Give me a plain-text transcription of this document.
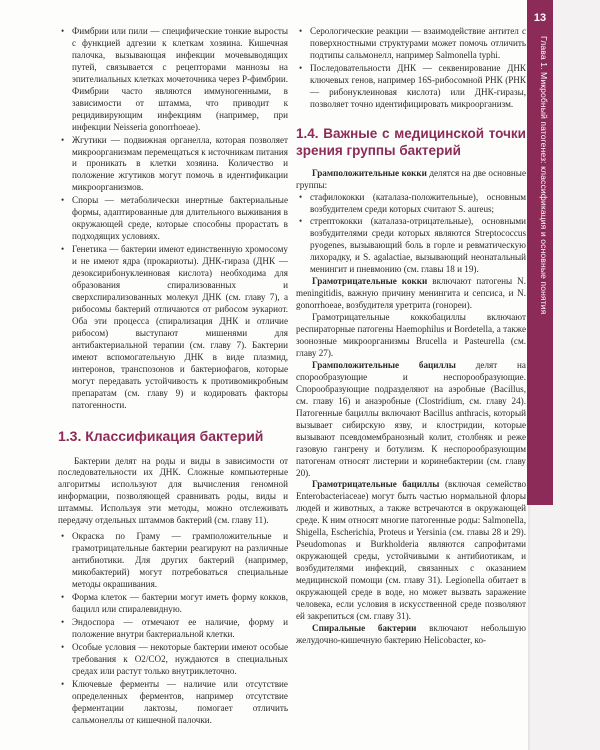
13
Глава 1. Микробный патогенез: классификация и основные понятия

• Фимбрии или пили — специфические тонкие выросты с функцией адгезии к клеткам хозяина. Кишечная палочка, вызывающая инфекции мочевыводящих путей, связывается с рецепторами маннозы на эпителиальных клетках мочеточника через P-фимбрии. Фимбрии часто являются иммуногенными, в зависимости от штамма, что приводит к рецидивирующим инфекциям (например, при инфекции Neisseria gonorrhoeae).

• Жгутики — подвижная органелла, которая позволяет микроорганизмам перемещаться к источникам питания и проникать в клетки хозяина. Количество и положение жгутиков могут помочь в идентификации микроорганизмов.

• Споры — метаболически инертные бактериальные формы, адаптированные для длительного выживания в окружающей среде, которые способны прорастать в подходящих условиях.

• Генетика — бактерии имеют единственную хромосому и не имеют ядра (прокариоты). ДНК-гираза (ДНК — дезоксирибонуклеиновая кислота) необходима для образования спирализованных и сверхспирализованных молекул ДНК (см. главу 7), а рибосомы бактерий отличаются от рибосом эукариот. Оба эти процесса (спирализация ДНК и отличие рибосом) выступают мишенями для антибактериальной терапии (см. главу 7). Бактерии имеют вспомогательную ДНК в виде плазмид, интеронов, транспозонов и бактериофагов, которые могут передавать устойчивость к противомикробным препаратам (см. главу 9) и кодировать факторы патогенности.

1.3. Классификация бактерий

Бактерии делят на роды и виды в зависимости от последовательности их ДНК. Сложные компьютерные алгоритмы используют для вычисления геномной информации, позволяющей сравнивать роды, виды и штаммы. Используя эти методы, можно отслеживать передачу отдельных штаммов бактерий (см. главу 11).

• Окраска по Граму — грамположительные и грамотрицательные бактерии реагируют на различные антибиотики. Для других бактерий (например, микобактерий) могут потребоваться специальные методы окрашивания.

• Форма клеток — бактерии могут иметь форму кокков, бацилл или спиралевидную.

• Эндоспора — отмечают ее наличие, форму и положение внутри бактериальной клетки.

• Особые условия — некоторые бактерии имеют особые требования к O2/CO2, нуждаются в специальных средах или растут только внутриклеточно.

• Ключевые ферменты — наличие или отсутствие определенных ферментов, например отсутствие ферментации лактозы, помогает отличить сальмонеллы от кишечной палочки.

• Серологические реакции — взаимодействие антител с поверхностными структурами может помочь отличить подтипы сальмонелл, например Salmonella typhi.

• Последовательности ДНК — секвенирование ДНК ключевых генов, например 16S-рибосомной РНК (РНК — рибонуклеиновая кислота) или ДНК-гиразы, позволяет точно идентифицировать микроорганизм.

1.4. Важные с медицинской точки зрения группы бактерий

Грамположительные кокки делятся на две основные группы:

• стафилококки (каталаза-положительные), основным возбудителем среди которых считают S. aureus;

• стрептококки (каталаза-отрицательные), основными возбудителями среди которых являются Streptococcus pyogenes, вызывающий боль в горле и ревматическую лихорадку, и S. agalactiae, вызывающий неонатальный менингит и пневмонию (см. главы 18 и 19).

Грамотрицательные кокки включают патогены N. meningitidis, важную причину менингита и сепсиса, и N. gonorrhoeae, возбудителя уретрита (гонореи).

Грамотрицательные коккобациллы включают респираторные патогены Haemophilus и Bordetella, а также зоонозные микроорганизмы Brucella и Pasteurella (см. главу 27).

Грамположительные бациллы делят на спорообразующие и неспорообразующие. Спорообразующие подразделяют на аэробные (Bacillus, см. главу 16) и анаэробные (Clostridium, см. главу 24). Патогенные бациллы включают Bacillus anthracis, который вызывает сибирскую язву, и клостридии, которые вызывают псевдомембранозный колит, столбняк и реже газовую гангрену и ботулизм. К неспорообразующим патогенам относят листерии и коринебактерии (см. главу 20).

Грамотрицательные бациллы (включая семейство Enterobacteriaceae) могут быть частью нормальной флоры людей и животных, а также встречаются в окружающей среде. К ним относят многие патогенные роды: Salmonella, Shigella, Escherichia, Proteus и Yersinia (см. главы 28 и 29). Pseudomonas и Burkholderia являются сапрофитами окружающей среды, устойчивыми к антибиотикам, и возбудителями инфекций, связанных с оказанием медицинской помощи (см. главу 31). Legionella обитает в окружающей среде в воде, но может вызвать заражение человека, если условия в искусственной среде позволяют ей закрепиться (см. главу 31).

Спиральные бактерии включают небольшую желудочно-кишечную бактерию Helicobacter, ко-
